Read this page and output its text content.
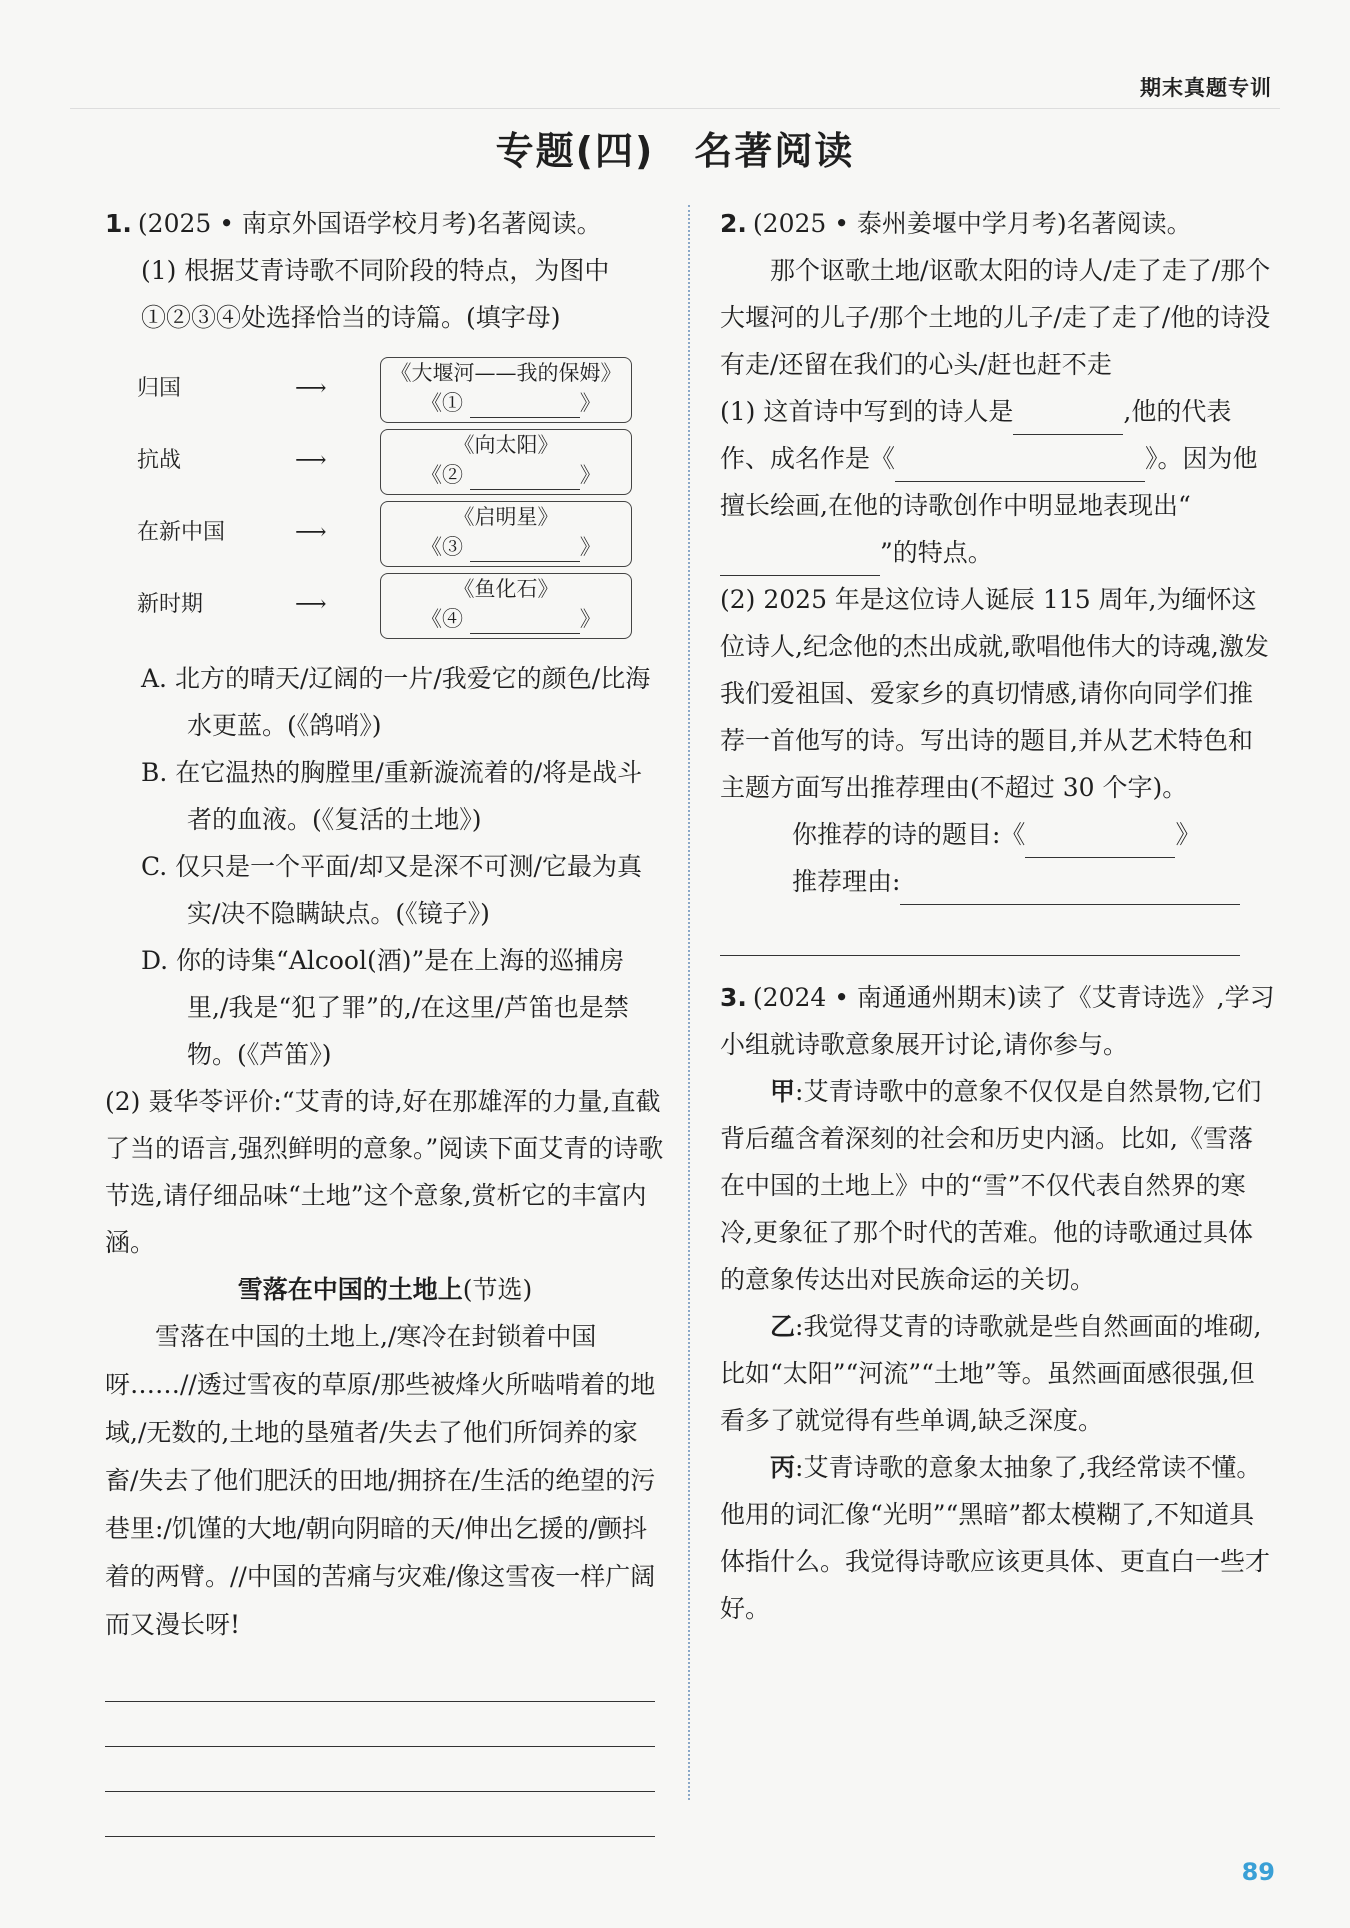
期末真题专训
专题(四) 名著阅读
1. (2025 • 南京外国语学校月考)名著阅读。
(1) 根据艾青诗歌不同阶段的特点，为图中①②③④处选择恰当的诗篇。(填字母)
归国	⟶
《大堰河——我的保姆》
《①	》
抗战	⟶
《向太阳》
《②	》
在新中国	⟶
《启明星》
《③	》
新时期	⟶
《鱼化石》
《④	》
A. 北方的晴天/辽阔的一片/我爱它的颜色/比海水更蓝。(《鸽哨》)
B. 在它温热的胸膛里/重新漩流着的/将是战斗者的血液。(《复活的土地》)
C. 仅只是一个平面/却又是深不可测/它最为真实/决不隐瞒缺点。(《镜子》)
D. 你的诗集“Alcool(酒)”是在上海的巡捕房里,/我是“犯了罪”的,/在这里/芦笛也是禁物。(《芦笛》)
(2) 聂华苓评价:“艾青的诗,好在那雄浑的力量,直截了当的语言,强烈鲜明的意象。”阅读下面艾青的诗歌节选,请仔细品味“土地”这个意象,赏析它的丰富内涵。
雪落在中国的土地上(节选)
雪落在中国的土地上,/寒冷在封锁着中国呀……//透过雪夜的草原/那些被烽火所啮啃着的地域,/无数的,土地的垦殖者/失去了他们所饲养的家畜/失去了他们肥沃的田地/拥挤在/生活的绝望的污巷里:/饥馑的大地/朝向阴暗的天/伸出乞援的/颤抖着的两臂。//中国的苦痛与灾难/像这雪夜一样广阔而又漫长呀!
2. (2025 • 泰州姜堰中学月考)名著阅读。
那个讴歌土地/讴歌太阳的诗人/走了走了/那个大堰河的儿子/那个土地的儿子/走了走了/他的诗没有走/还留在我们的心头/赶也赶不走
(1) 这首诗中写到的诗人是	,他的代表作、成名作是《	》。因为他擅长绘画,在他的诗歌创作中明显地表现出“”的特点。
(2) 2025 年是这位诗人诞辰 115 周年,为缅怀这位诗人,纪念他的杰出成就,歌唱他伟大的诗魂,激发我们爱祖国、爱家乡的真切情感,请你向同学们推荐一首他写的诗。写出诗的题目,并从艺术特色和主题方面写出推荐理由(不超过 30 个字)。
你推荐的诗的题目:《	》
推荐理由:
3. (2024 • 南通通州期末)读了《艾青诗选》,学习小组就诗歌意象展开讨论,请你参与。
甲:艾青诗歌中的意象不仅仅是自然景物,它们背后蕴含着深刻的社会和历史内涵。比如,《雪落在中国的土地上》中的“雪”不仅代表自然界的寒冷,更象征了那个时代的苦难。他的诗歌通过具体的意象传达出对民族命运的关切。
乙:我觉得艾青的诗歌就是些自然画面的堆砌,比如“太阳”“河流”“土地”等。虽然画面感很强,但看多了就觉得有些单调,缺乏深度。
丙:艾青诗歌的意象太抽象了,我经常读不懂。他用的词汇像“光明”“黑暗”都太模糊了,不知道具体指什么。我觉得诗歌应该更具体、更直白一些才好。
89
